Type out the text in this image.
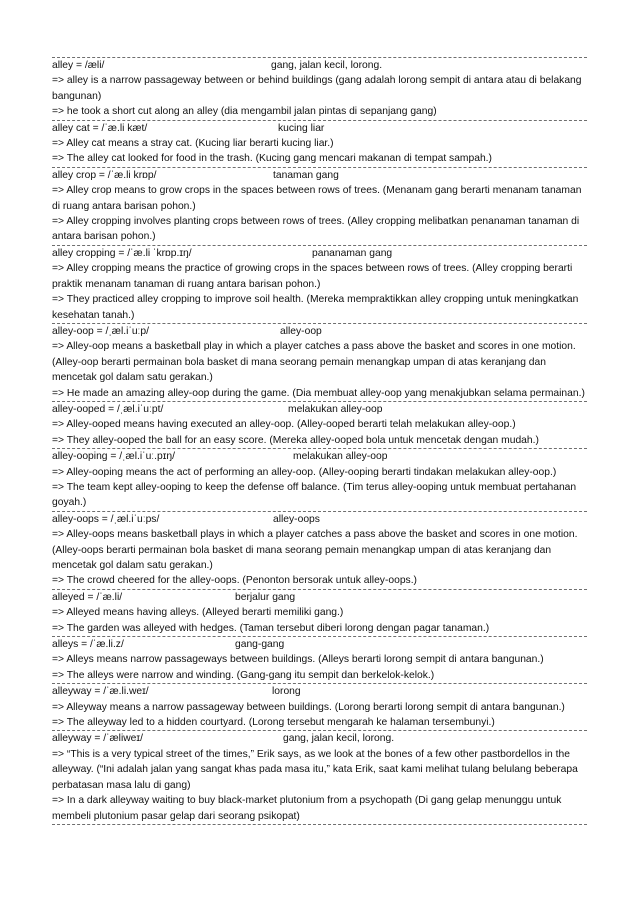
alley = /æli/	gang, jalan kecil, lorong.
=> alley is a narrow passageway between or behind buildings (gang adalah lorong sempit di antara atau di belakang bangunan)
=> he took a short cut along an alley (dia mengambil jalan pintas di sepanjang gang)
alley cat = /ˈæ.li kæt/	kucing liar
=> Alley cat means a stray cat. (Kucing liar berarti kucing liar.)
=> The alley cat looked for food in the trash. (Kucing gang mencari makanan di tempat sampah.)
alley crop = /ˈæ.li krɒp/	tanaman gang
=> Alley crop means to grow crops in the spaces between rows of trees. (Menanam gang berarti menanam tanaman di ruang antara barisan pohon.)
=> Alley cropping involves planting crops between rows of trees. (Alley cropping melibatkan penanaman tanaman di antara barisan pohon.)
alley cropping = /ˈæ.li ˈkrɒp.ɪŋ/	pananaman gang
=> Alley cropping means the practice of growing crops in the spaces between rows of trees. (Alley cropping berarti praktik menanam tanaman di ruang antara barisan pohon.)
=> They practiced alley cropping to improve soil health. (Mereka mempraktikkan alley cropping untuk meningkatkan kesehatan tanah.)
alley-oop = /ˌæl.iˈuːp/	alley-oop
=> Alley-oop means a basketball play in which a player catches a pass above the basket and scores in one motion. (Alley-oop berarti permainan bola basket di mana seorang pemain menangkap umpan di atas keranjang dan mencetak gol dalam satu gerakan.)
=> He made an amazing alley-oop during the game. (Dia membuat alley-oop yang menakjubkan selama permainan.)
alley-ooped = /ˌæl.iˈuːpt/	melakukan alley-oop
=> Alley-ooped means having executed an alley-oop. (Alley-ooped berarti telah melakukan alley-oop.)
=> They alley-ooped the ball for an easy score. (Mereka alley-ooped bola untuk mencetak dengan mudah.)
alley-ooping = /ˌæl.iˈuː.pɪŋ/	melakukan alley-oop
=> Alley-ooping means the act of performing an alley-oop. (Alley-ooping berarti tindakan melakukan alley-oop.)
=> The team kept alley-ooping to keep the defense off balance. (Tim terus alley-ooping untuk membuat pertahanan goyah.)
alley-oops = /ˌæl.iˈuːps/	alley-oops
=> Alley-oops means basketball plays in which a player catches a pass above the basket and scores in one motion. (Alley-oops berarti permainan bola basket di mana seorang pemain menangkap umpan di atas keranjang dan mencetak gol dalam satu gerakan.)
=> The crowd cheered for the alley-oops. (Penonton bersorak untuk alley-oops.)
alleyed = /ˈæ.li/	berjalur gang
=> Alleyed means having alleys. (Alleyed berarti memiliki gang.)
=> The garden was alleyed with hedges. (Taman tersebut diberi lorong dengan pagar tanaman.)
alleys = /ˈæ.li.z/	gang-gang
=> Alleys means narrow passageways between buildings. (Alleys berarti lorong sempit di antara bangunan.)
=> The alleys were narrow and winding. (Gang-gang itu sempit dan berkelok-kelok.)
alleyway = /ˈæ.li.weɪ/	lorong
=> Alleyway means a narrow passageway between buildings. (Lorong berarti lorong sempit di antara bangunan.)
=> The alleyway led to a hidden courtyard. (Lorong tersebut mengarah ke halaman tersembunyi.)
alleyway = /ˈæliweɪ/	gang, jalan kecil, lorong.
=> “This is a very typical street of the times,” Erik says, as we look at the bones of a few other pastbordellos in the alleyway. (“Ini adalah jalan yang sangat khas pada masa itu,” kata Erik, saat kami melihat tulang belulang beberapa perbatasan masa lalu di gang)
=> In a dark alleyway waiting to buy black-market plutonium from a psychopath (Di gang gelap menunggu untuk membeli plutonium pasar gelap dari seorang psikopat)
